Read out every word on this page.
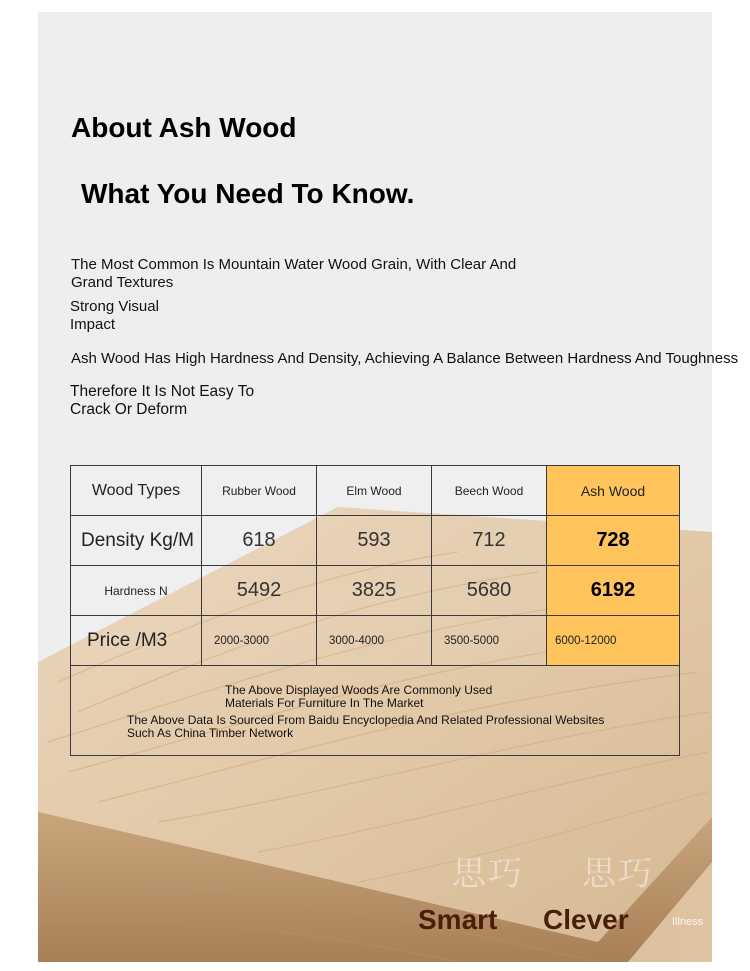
About Ash Wood
What You Need To Know.
The Most Common Is Mountain Water Wood Grain, With Clear And
Grand Textures
Strong Visual
Impact
Ash Wood Has High Hardness And Density, Achieving A Balance Between Hardness And Toughness
Therefore It Is Not Easy To
Crack Or Deform
Wood Types	Rubber Wood	Elm Wood	Beech Wood	Ash Wood
Density Kg/M	618	593	712	728
Hardness N	5492	3825	5680	6192
Price /M3	2000-3000	3000-4000	3500-5000	6000-12000
The Above Displayed Woods Are Commonly Used
Materials For Furniture In The Market
The Above Data Is Sourced From Baidu Encyclopedia And Related Professional Websites
Such As China Timber Network
思巧 思巧
Smart Clever	Illness
